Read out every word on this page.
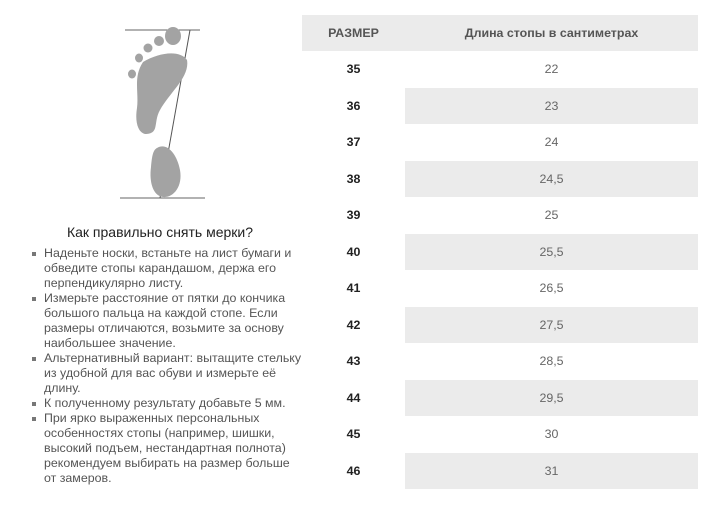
Как правильно снять мерки?
Наденьте носки, встаньте на лист бумаги и обведите стопы карандашом, держа его перпендикулярно листу.
Измерьте расстояние от пятки до кончика большого пальца на каждой стопе. Если размеры отличаются, возьмите за основу наибольшее значение.
Альтернативный вариант: вытащите стельку из удобной для вас обуви и измерьте её длину.
К полученному результату добавьте 5 мм.
При ярко выраженных персональных особенностях стопы (например, шишки, высокий подъем, нестандартная полнота) рекомендуем выбирать на размер больше от замеров.
РАЗМЕР	Длина стопы в сантиметрах
35	22
36	23
37	24
38	24,5
39	25
40	25,5
41	26,5
42	27,5
43	28,5
44	29,5
45	30
46	31
